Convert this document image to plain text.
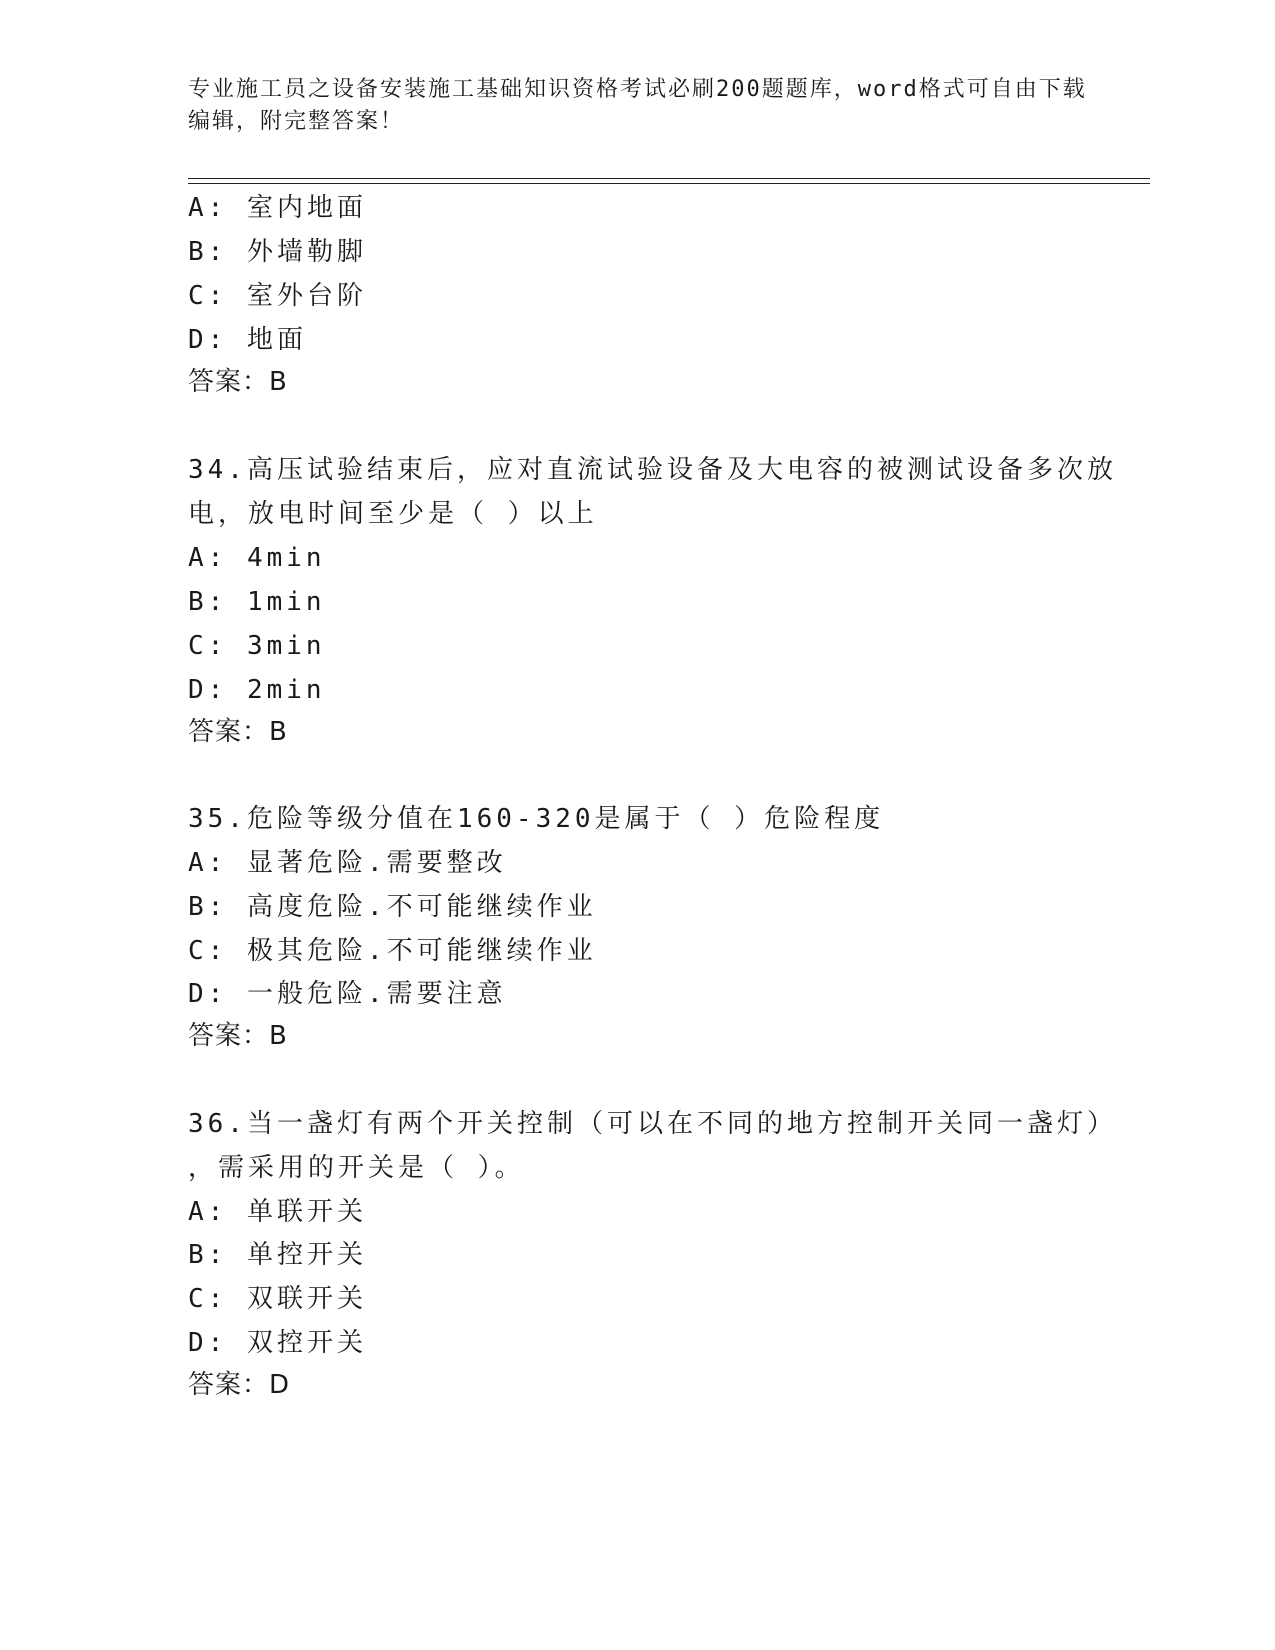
专业施工员之设备安装施工基础知识资格考试必刷200题题库，word格式可自由下载编辑，附完整答案！
A: 室内地面
B: 外墙勒脚
C: 室外台阶
D: 地面
答案：B
34.高压试验结束后，应对直流试验设备及大电容的被测试设备多次放
电，放电时间至少是（ ）以上
A: 4min
B: 1min
C: 3min
D: 2min
答案：B
35.危险等级分值在160-320是属于（ ）危险程度
A: 显著危险.需要整改
B: 高度危险.不可能继续作业
C: 极其危险.不可能继续作业
D: 一般危险.需要注意
答案：B
36.当一盏灯有两个开关控制（可以在不同的地方控制开关同一盏灯）
，需采用的开关是（ ）。
A: 单联开关
B: 单控开关
C: 双联开关
D: 双控开关
答案：D
